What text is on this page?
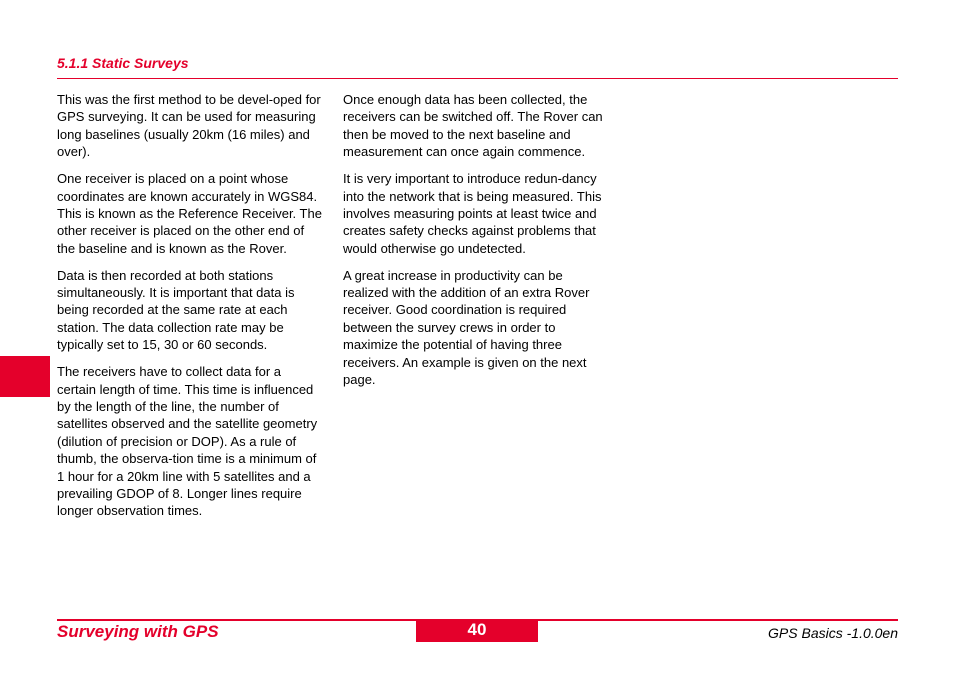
5.1.1 Static Surveys

This was the first method to be devel-oped for GPS surveying. It can be used for measuring long baselines (usually 20km (16 miles) and over).

One receiver is placed on a point whose coordinates are known accurately in WGS84. This is known as the Reference Receiver. The other receiver is placed on the other end of the baseline and is known as the Rover.

Data is then recorded at both stations simultaneously. It is important that data is being recorded at the same rate at each station. The data collection rate may be typically set to 15, 30 or 60 seconds.

The receivers have to collect data for a certain length of time. This time is influenced by the length of the line, the number of satellites observed and the satellite geometry (dilution of precision or DOP). As a rule of thumb, the observa-tion time is a minimum of 1 hour for a 20km line with 5 satellites and a prevailing GDOP of 8. Longer lines require longer observation times.

Once enough data has been collected, the receivers can be switched off. The Rover can then be moved to the next baseline and measurement can once again commence.

It is very important to introduce redun-dancy into the network that is being measured. This involves measuring points at least twice and creates safety checks against problems that would otherwise go undetected.

A great increase in productivity can be realized with the addition of an extra Rover receiver. Good coordination is required between the survey crews in order to maximize the potential of having three receivers. An example is given on the next page.

Surveying with GPS	40	GPS Basics -1.0.0en
